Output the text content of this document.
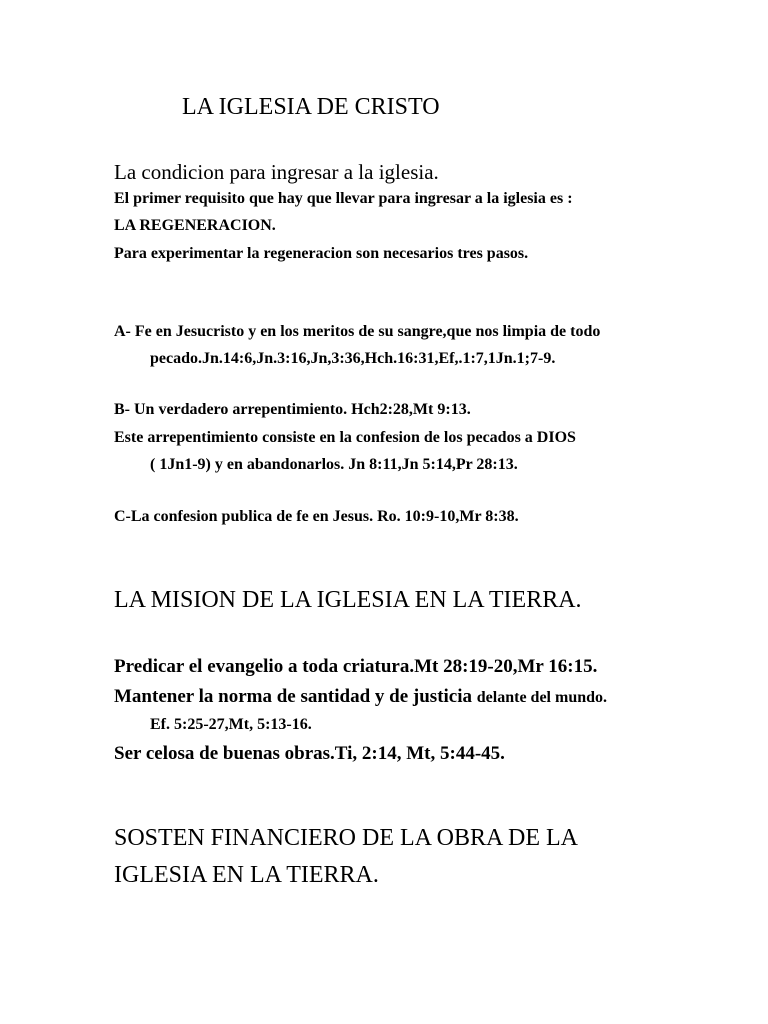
LA IGLESIA DE CRISTO
La condicion para ingresar a la iglesia.

El primer requisito que hay que llevar para ingresar a la iglesia es :

LA REGENERACION.

Para experimentar la regeneracion son necesarios tres pasos.

A- Fe en Jesucristo y en los meritos de su sangre,que nos limpia de todo

pecado.Jn.14:6,Jn.3:16,Jn,3:36,Hch.16:31,Ef,.1:7,1Jn.1;7-9.

B- Un verdadero arrepentimiento. Hch2:28,Mt 9:13.

Este arrepentimiento consiste en la confesion de los pecados a DIOS

( 1Jn1-9) y en abandonarlos. Jn 8:11,Jn 5:14,Pr 28:13.

C-La confesion publica de fe en Jesus. Ro. 10:9-10,Mr 8:38.

LA MISION DE LA IGLESIA EN LA TIERRA.

Predicar el evangelio a toda criatura.Mt 28:19-20,Mr 16:15.

Mantener la norma de santidad y de justicia delante del mundo.

Ef. 5:25-27,Mt, 5:13-16.

Ser celosa de buenas obras.Ti, 2:14, Mt, 5:44-45.

SOSTEN FINANCIERO DE LA OBRA DE LA
IGLESIA EN LA TIERRA.
